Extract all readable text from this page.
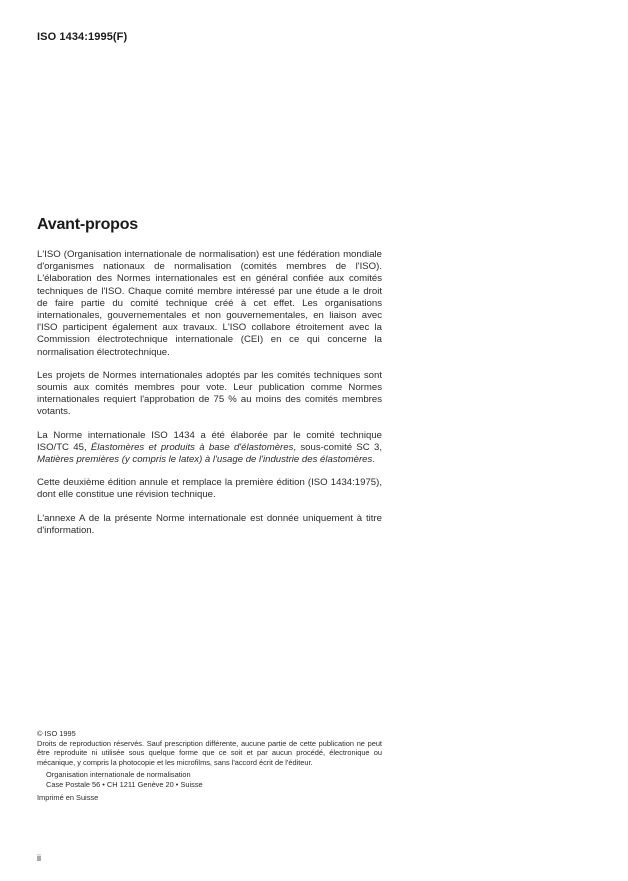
ISO 1434:1995(F)
Avant-propos

L'ISO (Organisation internationale de normalisation) est une fédération mondiale d'organismes nationaux de normalisation (comités membres de l'ISO). L'élaboration des Normes internationales est en général confiée aux comités techniques de l'ISO. Chaque comité membre intéressé par une étude a le droit de faire partie du comité technique créé à cet effet. Les organisations internationales, gouvernementales et non gouvernementales, en liaison avec l'ISO participent également aux travaux. L'ISO collabore étroitement avec la Commission électrotechnique internationale (CEI) en ce qui concerne la normalisation électrotechnique.

Les projets de Normes internationales adoptés par les comités techniques sont soumis aux comités membres pour vote. Leur publication comme Normes internationales requiert l'approbation de 75 % au moins des comités membres votants.

La Norme internationale ISO 1434 a été élaborée par le comité technique ISO/TC 45, Élastomères et produits à base d'élastomères, sous-comité SC 3, Matières premières (y compris le latex) à l'usage de l'industrie des élastomères.

Cette deuxième édition annule et remplace la première édition (ISO 1434:1975), dont elle constitue une révision technique.

L'annexe A de la présente Norme internationale est donnée uniquement à titre d'information.

© ISO 1995
Droits de reproduction réservés. Sauf prescription différente, aucune partie de cette publication ne peut être reproduite ni utilisée sous quelque forme que ce soit et par aucun procédé, électronique ou mécanique, y compris la photocopie et les microfilms, sans l'accord écrit de l'éditeur.
Organisation internationale de normalisation
Case Postale 56 • CH 1211 Genève 20 • Suisse
Imprimé en Suisse
ii
